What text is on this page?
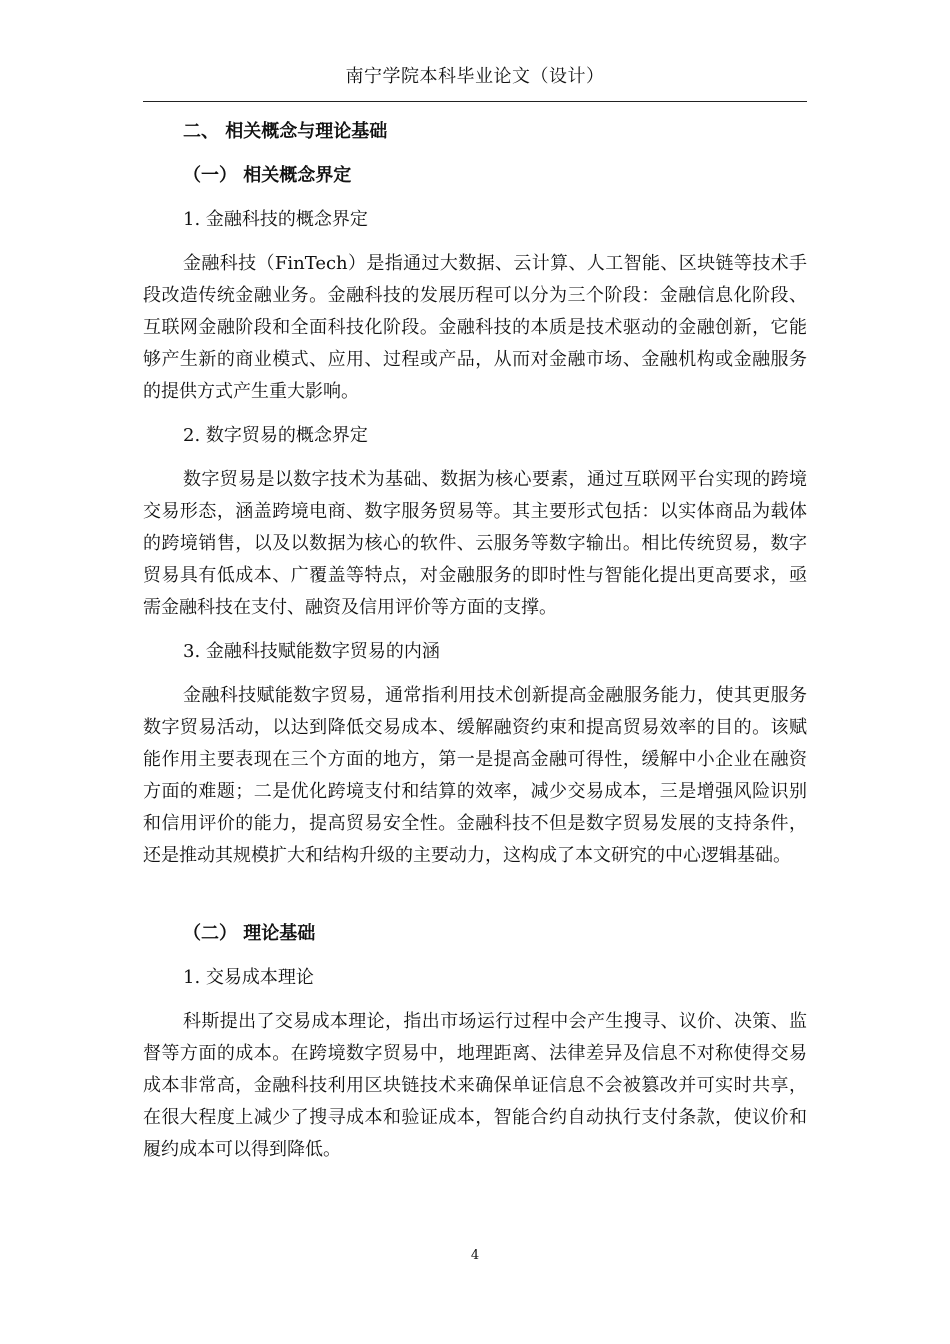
南宁学院本科毕业论文（设计）
二、 相关概念与理论基础
（一） 相关概念界定
1. 金融科技的概念界定

金融科技（FinTech）是指通过大数据、云计算、人工智能、区块链等技术手段改造传统金融业务。金融科技的发展历程可以分为三个阶段：金融信息化阶段、互联网金融阶段和全面科技化阶段。金融科技的本质是技术驱动的金融创新，它能够产生新的商业模式、应用、过程或产品，从而对金融市场、金融机构或金融服务的提供方式产生重大影响。

2. 数字贸易的概念界定

数字贸易是以数字技术为基础、数据为核心要素，通过互联网平台实现的跨境交易形态，涵盖跨境电商、数字服务贸易等。其主要形式包括：以实体商品为载体的跨境销售，以及以数据为核心的软件、云服务等数字输出。相比传统贸易，数字贸易具有低成本、广覆盖等特点，对金融服务的即时性与智能化提出更高要求，亟需金融科技在支付、融资及信用评价等方面的支撑。

3. 金融科技赋能数字贸易的内涵

金融科技赋能数字贸易，通常指利用技术创新提高金融服务能力，使其更服务数字贸易活动，以达到降低交易成本、缓解融资约束和提高贸易效率的目的。该赋能作用主要表现在三个方面的地方，第一是提高金融可得性，缓解中小企业在融资方面的难题；二是优化跨境支付和结算的效率，减少交易成本，三是增强风险识别和信用评价的能力，提高贸易安全性。金融科技不但是数字贸易发展的支持条件，还是推动其规模扩大和结构升级的主要动力，这构成了本文研究的中心逻辑基础。

（二） 理论基础
1. 交易成本理论

科斯提出了交易成本理论，指出市场运行过程中会产生搜寻、议价、决策、监督等方面的成本。在跨境数字贸易中，地理距离、法律差异及信息不对称使得交易成本非常高，金融科技利用区块链技术来确保单证信息不会被篡改并可实时共享，在很大程度上减少了搜寻成本和验证成本，智能合约自动执行支付条款，使议价和履约成本可以得到降低。

4
